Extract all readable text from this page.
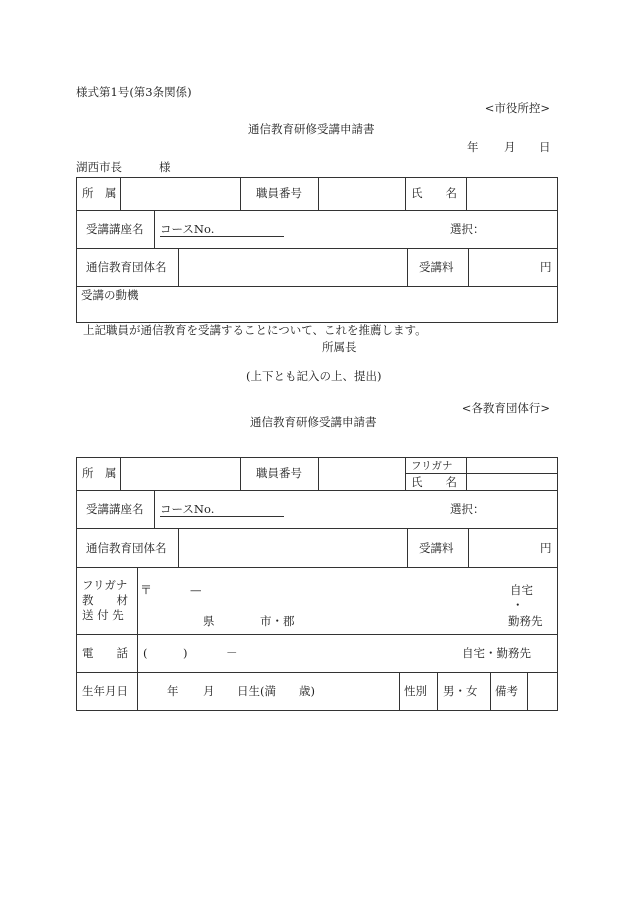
様式第1号(第3条関係)
<市役所控>
通信教育研修受講申請書
年 月 日
湖西市長	様
所　属	職員番号	氏　　名
受講講座名 コースNo.	選択：
通信教育団体名	受講料	円
受講の動機
上記職員が通信教育を受講することについて、これを推薦します。
所属長
(上下とも記入の上、提出)
<各教育団体行>
通信教育研修受講申請書
所　属	職員番号	フリガナ
氏　　名
受講講座名 コースNo.	選択：
通信教育団体名	受講料	円
フリガナ
教　　材
送 付 先
〒	—
県	市・郡
自宅
・
勤務先
電　　話 (	)	－	自宅・勤務先
生年月日	年 月 日生(満　　歳)	性別 男・女 備考
